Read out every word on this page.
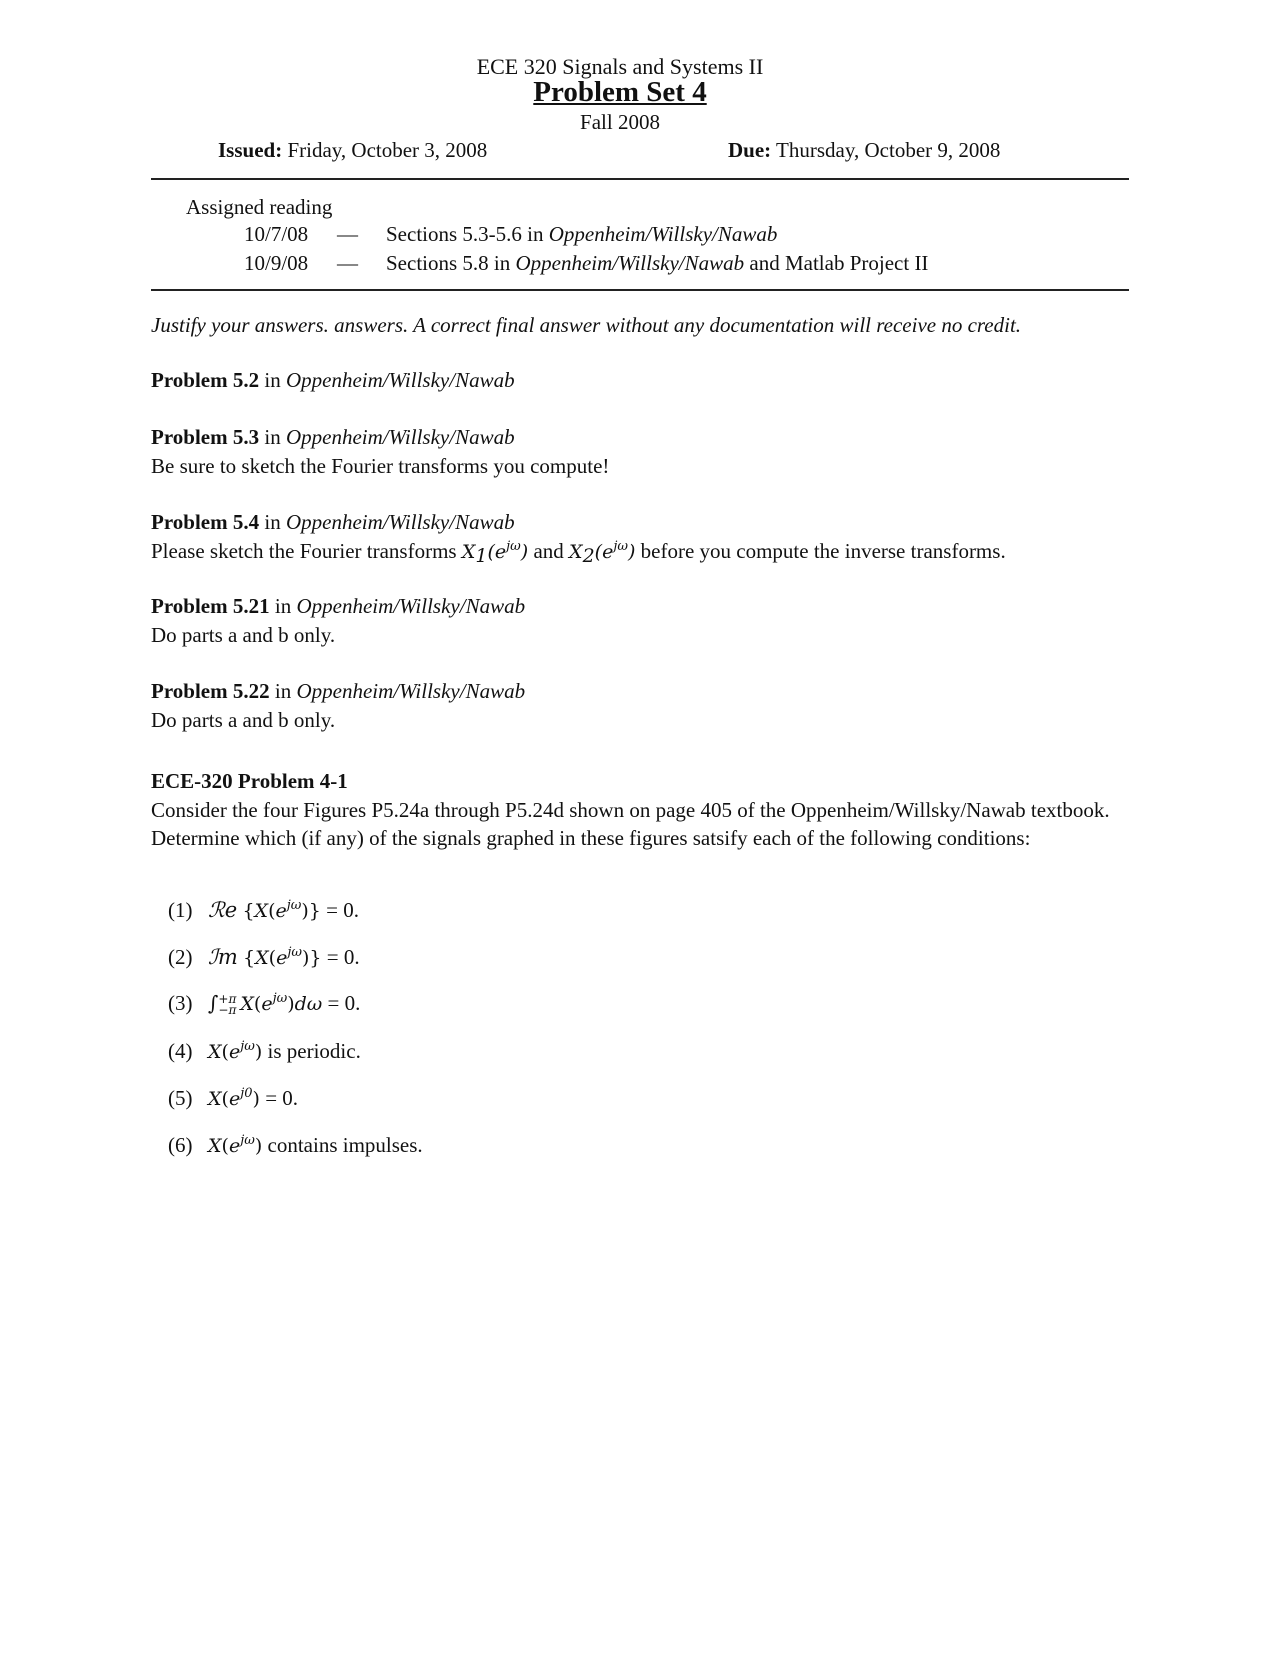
ECE 320 Signals and Systems II
Problem Set 4
Fall 2008
Issued: Friday, October 3, 2008	Due: Thursday, October 9, 2008
Assigned reading
10/7/08 — Sections 5.3-5.6 in Oppenheim/Willsky/Nawab
10/9/08 — Sections 5.8 in Oppenheim/Willsky/Nawab and Matlab Project II
Justify your answers. answers. A correct final answer without any documentation will receive no credit.
Problem 5.2 in Oppenheim/Willsky/Nawab
Problem 5.3 in Oppenheim/Willsky/Nawab
Be sure to sketch the Fourier transforms you compute!
Problem 5.4 in Oppenheim/Willsky/Nawab
Please sketch the Fourier transforms $X_1(e^{j\omega})$ and $X_2(e^{j\omega})$ before you compute the inverse transforms.
Problem 5.21 in Oppenheim/Willsky/Nawab
Do parts a and b only.
Problem 5.22 in Oppenheim/Willsky/Nawab
Do parts a and b only.
ECE-320 Problem 4-1
Consider the four Figures P5.24a through P5.24d shown on page 405 of the Oppenheim/Willsky/Nawab textbook. Determine which (if any) of the signals graphed in these figures satsify each of the following conditions:
(1) ℛe $\{X(e^{j\omega})\} = 0$.
(2) ℐm $\{X(e^{j\omega})\} = 0$.
(3) ∫+π
−π $X(e^{j\omega})d\omega = 0$.
(4) $X(e^{j\omega})$ is periodic.
(5) $X(e^{j0}) = 0$.
(6) $X(e^{j\omega})$ contains impulses.
